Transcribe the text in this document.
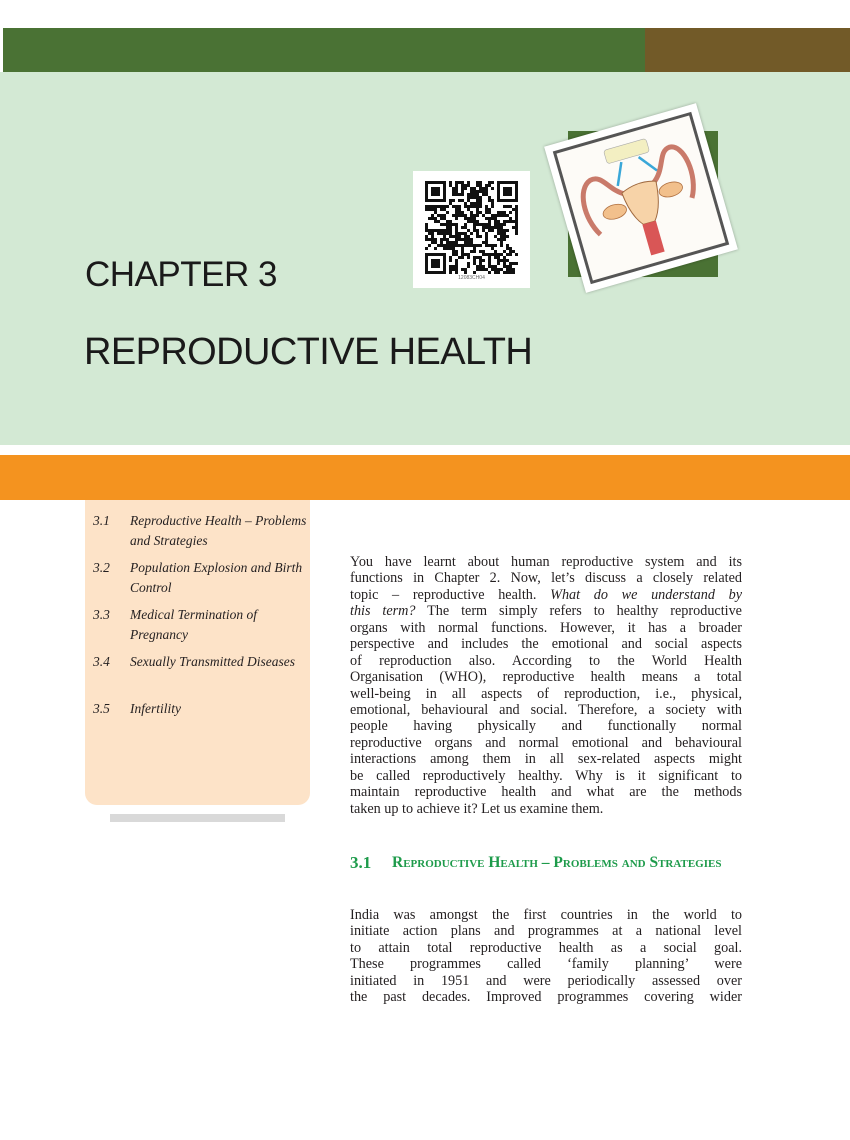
CHAPTER 3
REPRODUCTIVE HEALTH
12083CH04
3.1 Reproductive Health – Problems and Strategies
3.2 Population Explosion and Birth Control
3.3 Medical Termination of Pregnancy
3.4 Sexually Transmitted Diseases
3.5 Infertility
You have learnt about human reproductive system and its
functions in Chapter 2. Now, let’s discuss a closely related
topic – reproductive health. What do we understand by
this term? The term simply refers to healthy reproductive
organs with normal functions. However, it has a broader
perspective and includes the emotional and social aspects
of reproduction also. According to the World Health
Organisation (WHO), reproductive health means a total
well-being in all aspects of reproduction, i.e., physical,
emotional, behavioural and social. Therefore, a society with
people having physically and functionally normal
reproductive organs and normal emotional and behavioural
interactions among them in all sex-related aspects might
be called reproductively healthy. Why is it significant to
maintain reproductive health and what are the methods
taken up to achieve it? Let us examine them.
3.1 Reproductive Health – Problems and Strategies
India was amongst the first countries in the world to
initiate action plans and programmes at a national level
to attain total reproductive health as a social goal.
These programmes called ‘family planning’ were
initiated in 1951 and were periodically assessed over
the past decades. Improved programmes covering wider
